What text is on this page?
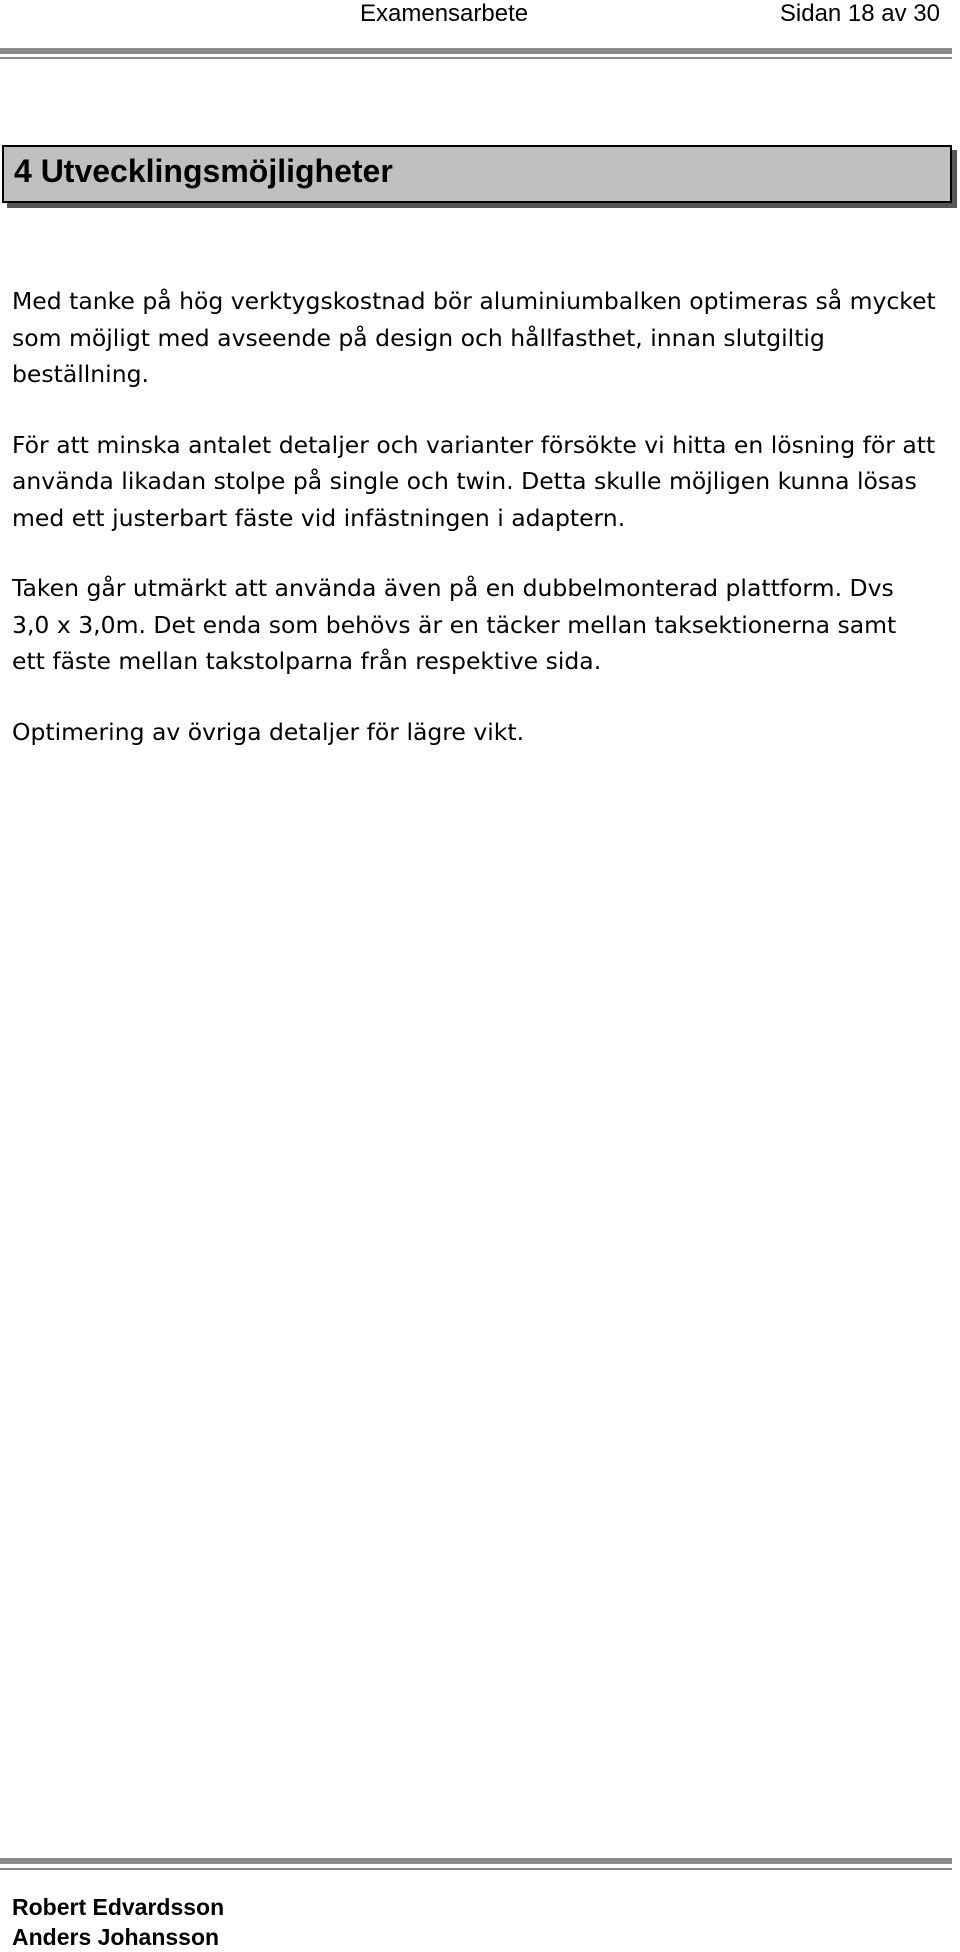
Examensarbete	Sidan 18 av 30
4 Utvecklingsmöjligheter

Med tanke på hög verktygskostnad bör aluminiumbalken optimeras så mycket som möjligt med avseende på design och hållfasthet, innan slutgiltig beställning.

För att minska antalet detaljer och varianter försökte vi hitta en lösning för att använda likadan stolpe på single och twin. Detta skulle möjligen kunna lösas med ett justerbart fäste vid infästningen i adaptern.

Taken går utmärkt att använda även på en dubbelmonterad plattform. Dvs 3,0 x 3,0m. Det enda som behövs är en täcker mellan taksektionerna samt ett fäste mellan takstolparna från respektive sida.

Optimering av övriga detaljer för lägre vikt.

Robert Edvardsson
Anders Johansson
